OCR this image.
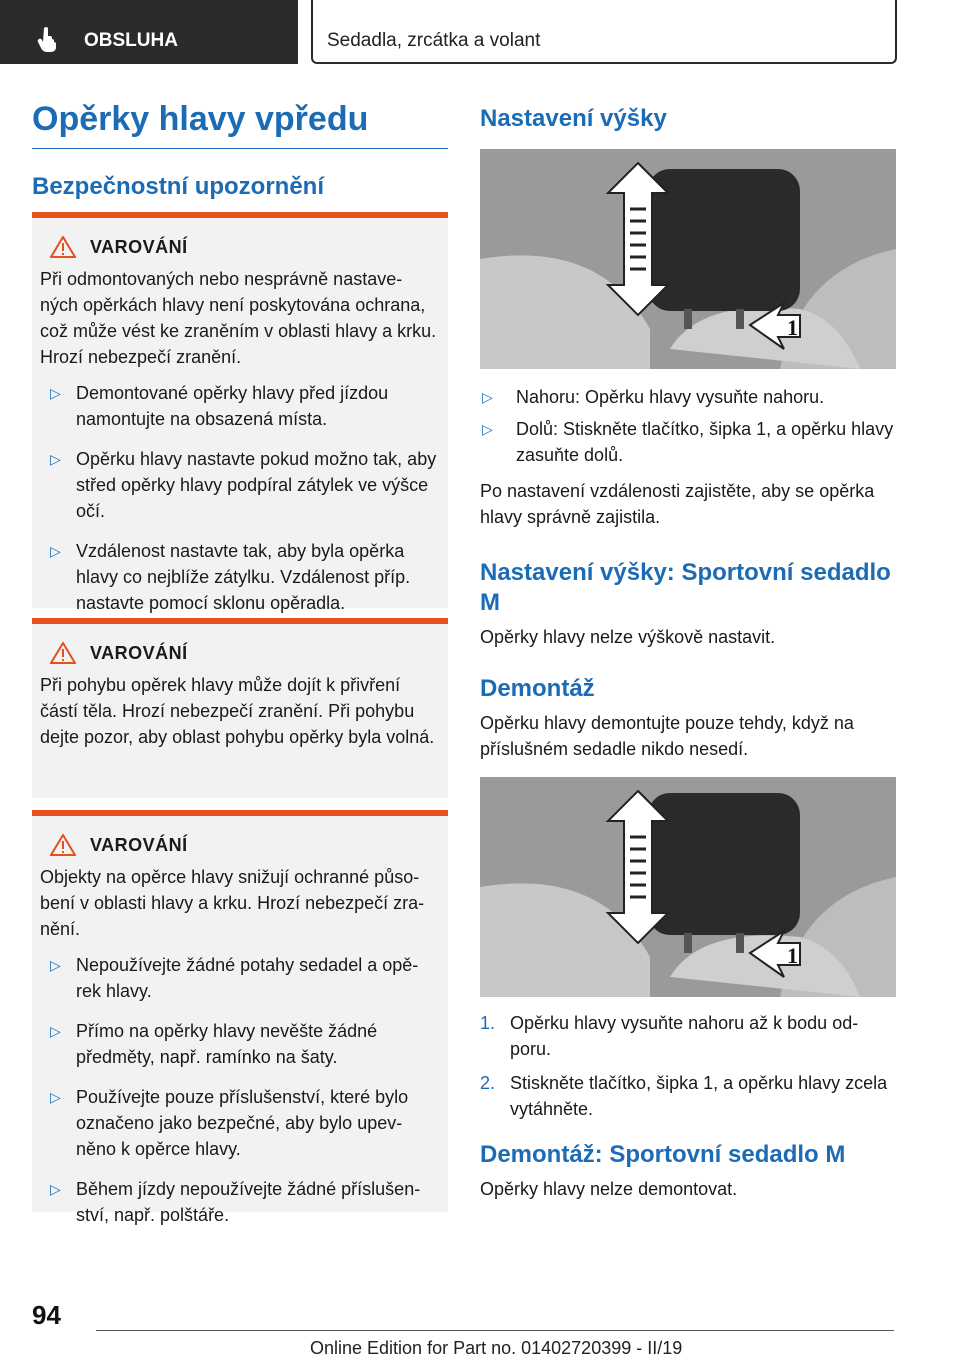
OBSLUHA	Sedadla, zrcátka a volant
Opěrky hlavy vpředu
Bezpečnostní upozornění
VAROVÁNÍ

Při odmontovaných nebo nesprávně nastave-ných opěrkách hlavy není poskytována ochrana, což může vést ke zraněním v oblasti hlavy a krku. Hrozí nebezpečí zranění.

▷ Demontované opěrky hlavy před jízdou namontujte na obsazená místa.
▷ Opěrku hlavy nastavte pokud možno tak, aby střed opěrky hlavy podpíral zátylek ve výšce očí.
▷ Vzdálenost nastavte tak, aby byla opěrka hlavy co nejblíže zátylku. Vzdálenost příp. nastavte pomocí sklonu opěradla.
VAROVÁNÍ

Při pohybu opěrek hlavy může dojít k přivření částí těla. Hrozí nebezpečí zranění. Při pohybu dejte pozor, aby oblast pohybu opěrky byla volná.

VAROVÁNÍ

Objekty na opěrce hlavy snižují ochranné půso-bení v oblasti hlavy a krku. Hrozí nebezpečí zra-nění.

▷ Nepoužívejte žádné potahy sedadel a opě-rek hlavy.
▷ Přímo na opěrky hlavy nevěšte žádné předměty, např. ramínko na šaty.
▷ Používejte pouze příslušenství, které bylo označeno jako bezpečné, aby bylo upev-něno k opěrce hlavy.
▷ Během jízdy nepoužívejte žádné příslušen-ství, např. polštáře.
Nastavení výšky
1
▷ Nahoru: Opěrku hlavy vysuňte nahoru.
▷ Dolů: Stiskněte tlačítko, šipka 1, a opěrku hlavy zasuňte dolů.

Po nastavení vzdálenosti zajistěte, aby se opěrka hlavy správně zajistila.

Nastavení výšky: Sportovní sedadlo M

Opěrky hlavy nelze výškově nastavit.

Demontáž

Opěrku hlavy demontujte pouze tehdy, když na příslušném sedadle nikdo nesedí.

1
1. Opěrku hlavy vysuňte nahoru až k bodu od-poru.
2. Stiskněte tlačítko, šipka 1, a opěrku hlavy zcela vytáhněte.
Demontáž: Sportovní sedadlo M

Opěrky hlavy nelze demontovat.

94
Online Edition for Part no. 01402720399 - II/19
